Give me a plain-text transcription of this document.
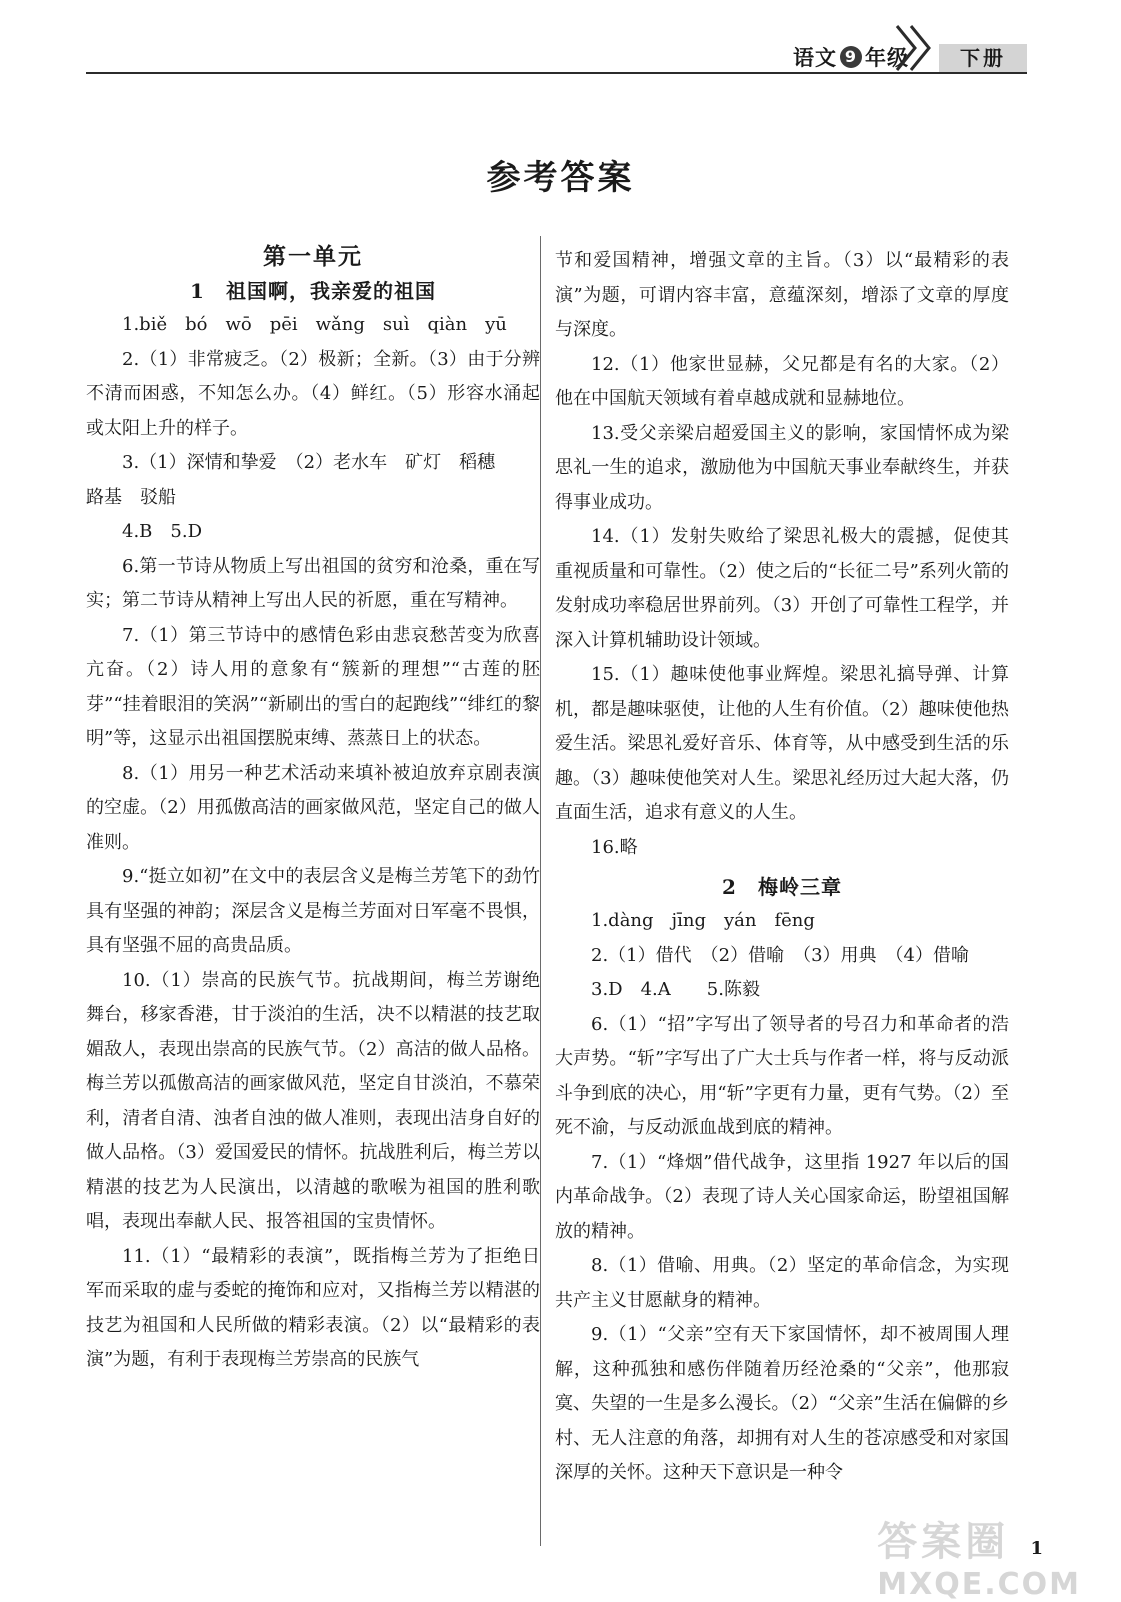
语文 9 年级	下册
参考答案
第一单元
1　祖国啊，我亲爱的祖国

1.biě　bó　wō　pēi　wǎng　suì　qiàn　yū

2.（1）非常疲乏。（2）极新；全新。（3）由于分辨不清而困惑，不知怎么办。（4）鲜红。（5）形容水涌起或太阳上升的样子。

3.（1）深情和挚爱　（2）老水车　矿灯　稻穗

路基　驳船

4.B　5.D

6.第一节诗从物质上写出祖国的贫穷和沧桑，重在写实；第二节诗从精神上写出人民的祈愿，重在写精神。

7.（1）第三节诗中的感情色彩由悲哀愁苦变为欣喜亢奋。（2）诗人用的意象有“簇新的理想”“古莲的胚芽”“挂着眼泪的笑涡”“新刷出的雪白的起跑线”“绯红的黎明”等，这显示出祖国摆脱束缚、蒸蒸日上的状态。

8.（1）用另一种艺术活动来填补被迫放弃京剧表演的空虚。（2）用孤傲高洁的画家做风范，坚定自己的做人准则。

9.“挺立如初”在文中的表层含义是梅兰芳笔下的劲竹具有坚强的神韵；深层含义是梅兰芳面对日军毫不畏惧，具有坚强不屈的高贵品质。

10.（1）崇高的民族气节。抗战期间，梅兰芳谢绝舞台，移家香港，甘于淡泊的生活，决不以精湛的技艺取媚敌人，表现出崇高的民族气节。（2）高洁的做人品格。梅兰芳以孤傲高洁的画家做风范，坚定自甘淡泊，不慕荣利，清者自清、浊者自浊的做人准则，表现出洁身自好的做人品格。（3）爱国爱民的情怀。抗战胜利后，梅兰芳以精湛的技艺为人民演出，以清越的歌喉为祖国的胜利歌唱，表现出奉献人民、报答祖国的宝贵情怀。

11.（1）“最精彩的表演”，既指梅兰芳为了拒绝日军而采取的虚与委蛇的掩饰和应对，又指梅兰芳以精湛的技艺为祖国和人民所做的精彩表演。（2）以“最精彩的表演”为题，有利于表现梅兰芳崇高的民族气

节和爱国精神，增强文章的主旨。（3）以“最精彩的表演”为题，可谓内容丰富，意蕴深刻，增添了文章的厚度与深度。

12.（1）他家世显赫，父兄都是有名的大家。（2）他在中国航天领域有着卓越成就和显赫地位。

13.受父亲梁启超爱国主义的影响，家国情怀成为梁思礼一生的追求，激励他为中国航天事业奉献终生，并获得事业成功。

14.（1）发射失败给了梁思礼极大的震撼，促使其重视质量和可靠性。（2）使之后的“长征二号”系列火箭的发射成功率稳居世界前列。（3）开创了可靠性工程学，并深入计算机辅助设计领域。

15.（1）趣味使他事业辉煌。梁思礼搞导弹、计算机，都是趣味驱使，让他的人生有价值。（2）趣味使他热爱生活。梁思礼爱好音乐、体育等，从中感受到生活的乐趣。（3）趣味使他笑对人生。梁思礼经历过大起大落，仍直面生活，追求有意义的人生。

16.略

2　梅岭三章

1.dàng　jīng　yán　fēng

2.（1）借代　（2）借喻　（3）用典　（4）借喻

3.D　4.A　　5.陈毅

6.（1）“招”字写出了领导者的号召力和革命者的浩大声势。“斩”字写出了广大士兵与作者一样，将与反动派斗争到底的决心，用“斩”字更有力量，更有气势。（2）至死不渝，与反动派血战到底的精神。

7.（1）“烽烟”借代战争，这里指 1927 年以后的国内革命战争。（2）表现了诗人关心国家命运，盼望祖国解放的精神。

8.（1）借喻、用典。（2）坚定的革命信念，为实现共产主义甘愿献身的精神。

9.（1）“父亲”空有天下家国情怀，却不被周围人理解，这种孤独和感伤伴随着历经沧桑的“父亲”，他那寂寞、失望的一生是多么漫长。（2）“父亲”生活在偏僻的乡村、无人注意的角落，却拥有对人生的苍凉感受和对家国深厚的关怀。这种天下意识是一种令

答案圈
MXQE.COM
1
